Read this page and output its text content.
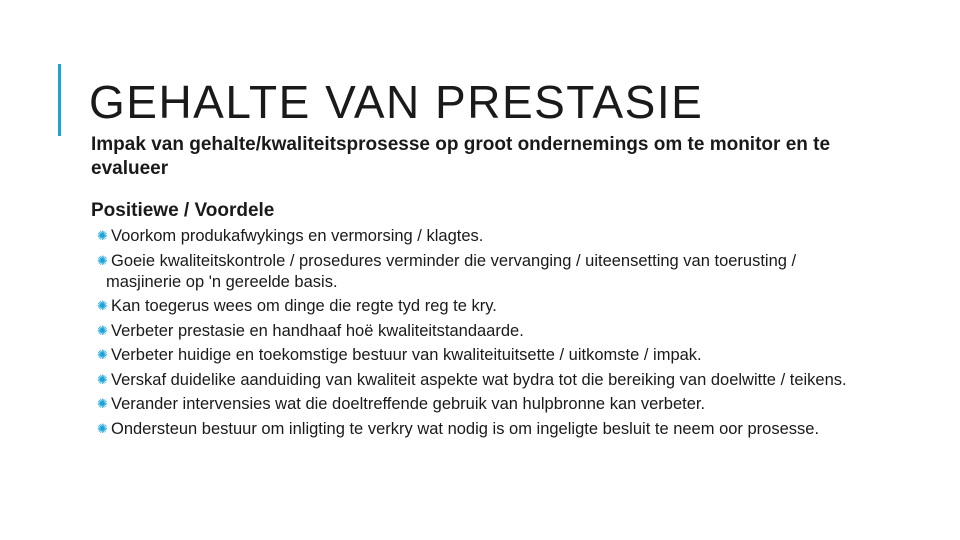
GEHALTE VAN PRESTASIE

Impak van gehalte/kwaliteitsprosesse op groot ondernemings om te monitor en te evalueer

Positiewe / Voordele

✺ Voorkom produkafwykings en vermorsing / klagtes.
✺ Goeie kwaliteitskontrole / prosedures verminder die vervanging / uiteensetting van toerusting / masjinerie op 'n gereelde basis.
✺ Kan toegerus wees om dinge die regte tyd reg te kry.
✺ Verbeter prestasie en handhaaf hoë kwaliteitstandaarde.
✺ Verbeter huidige en toekomstige bestuur van kwaliteituitsette / uitkomste / impak.
✺ Verskaf duidelike aanduiding van kwaliteit aspekte wat bydra tot die bereiking van doelwitte / teikens.
✺ Verander intervensies wat die doeltreffende gebruik van hulpbronne kan verbeter.
✺ Ondersteun bestuur om inligting te verkry wat nodig is om ingeligte besluit te neem oor prosesse.
